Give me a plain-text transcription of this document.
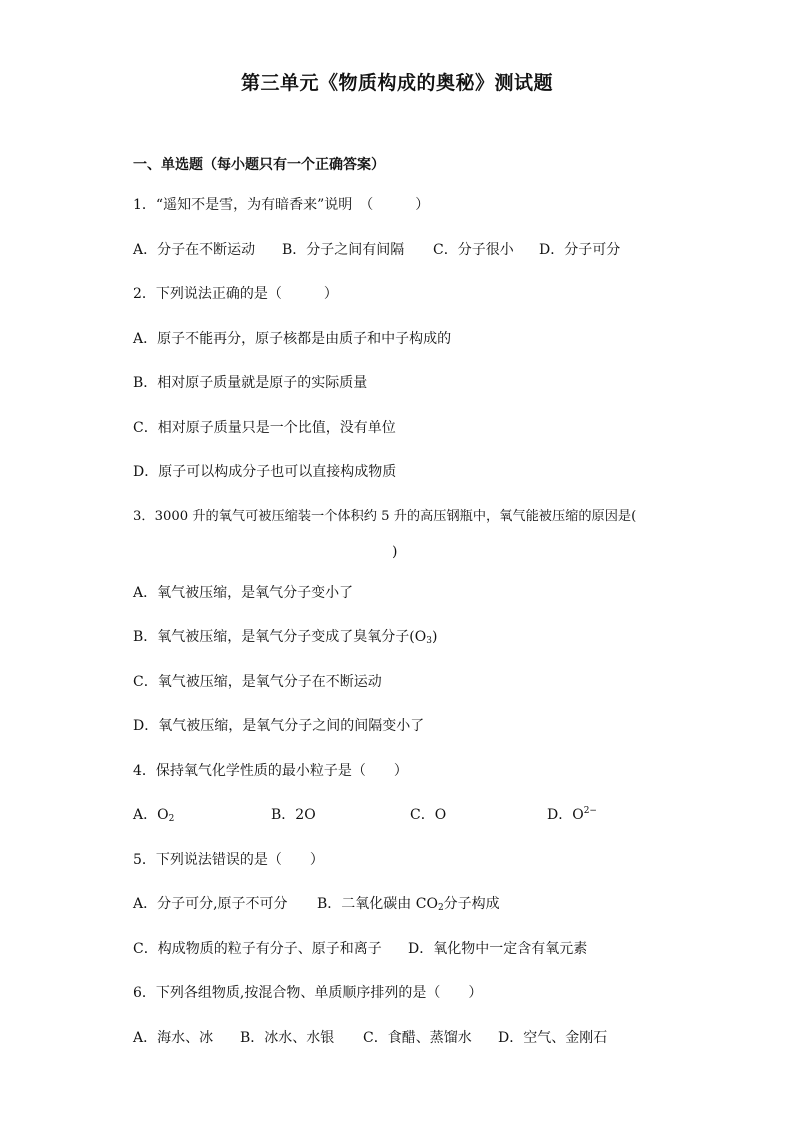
第三单元《物质构成的奥秘》测试题
一、单选题（每小题只有一个正确答案）
1．“遥知不是雪，为有暗香来”说明　（　　　）
A．分子在不断运动 B．分子之间有间隔 C．分子很小 D．分子可分
2．下列说法正确的是（　　　）
A．原子不能再分，原子核都是由质子和中子构成的
B．相对原子质量就是原子的实际质量
C．相对原子质量只是一个比值，没有单位
D．原子可以构成分子也可以直接构成物质
3．3000 升的氧气可被压缩装一个体积约 5 升的高压钢瓶中，氧气能被压缩的原因是(
)
A．氧气被压缩，是氧气分子变小了
B．氧气被压缩，是氧气分子变成了臭氧分子$(O_3)$
C．氧气被压缩，是氧气分子在不断运动
D．氧气被压缩，是氧气分子之间的间隔变小了
4．保持氧气化学性质的最小粒子是（　　）
A．$O_2$	B．2O	C．O	D．$O^{2-}$
5．下列说法错误的是（　　）
A．分子可分,原子不可分 B．二氧化碳由 $CO_2$分子构成
C．构成物质的粒子有分子、原子和离子 D．氧化物中一定含有氧元素
6．下列各组物质,按混合物、单质顺序排列的是（　　）
A．海水、冰 B．冰水、水银 C．食醋、蒸馏水 D．空气、金刚石
